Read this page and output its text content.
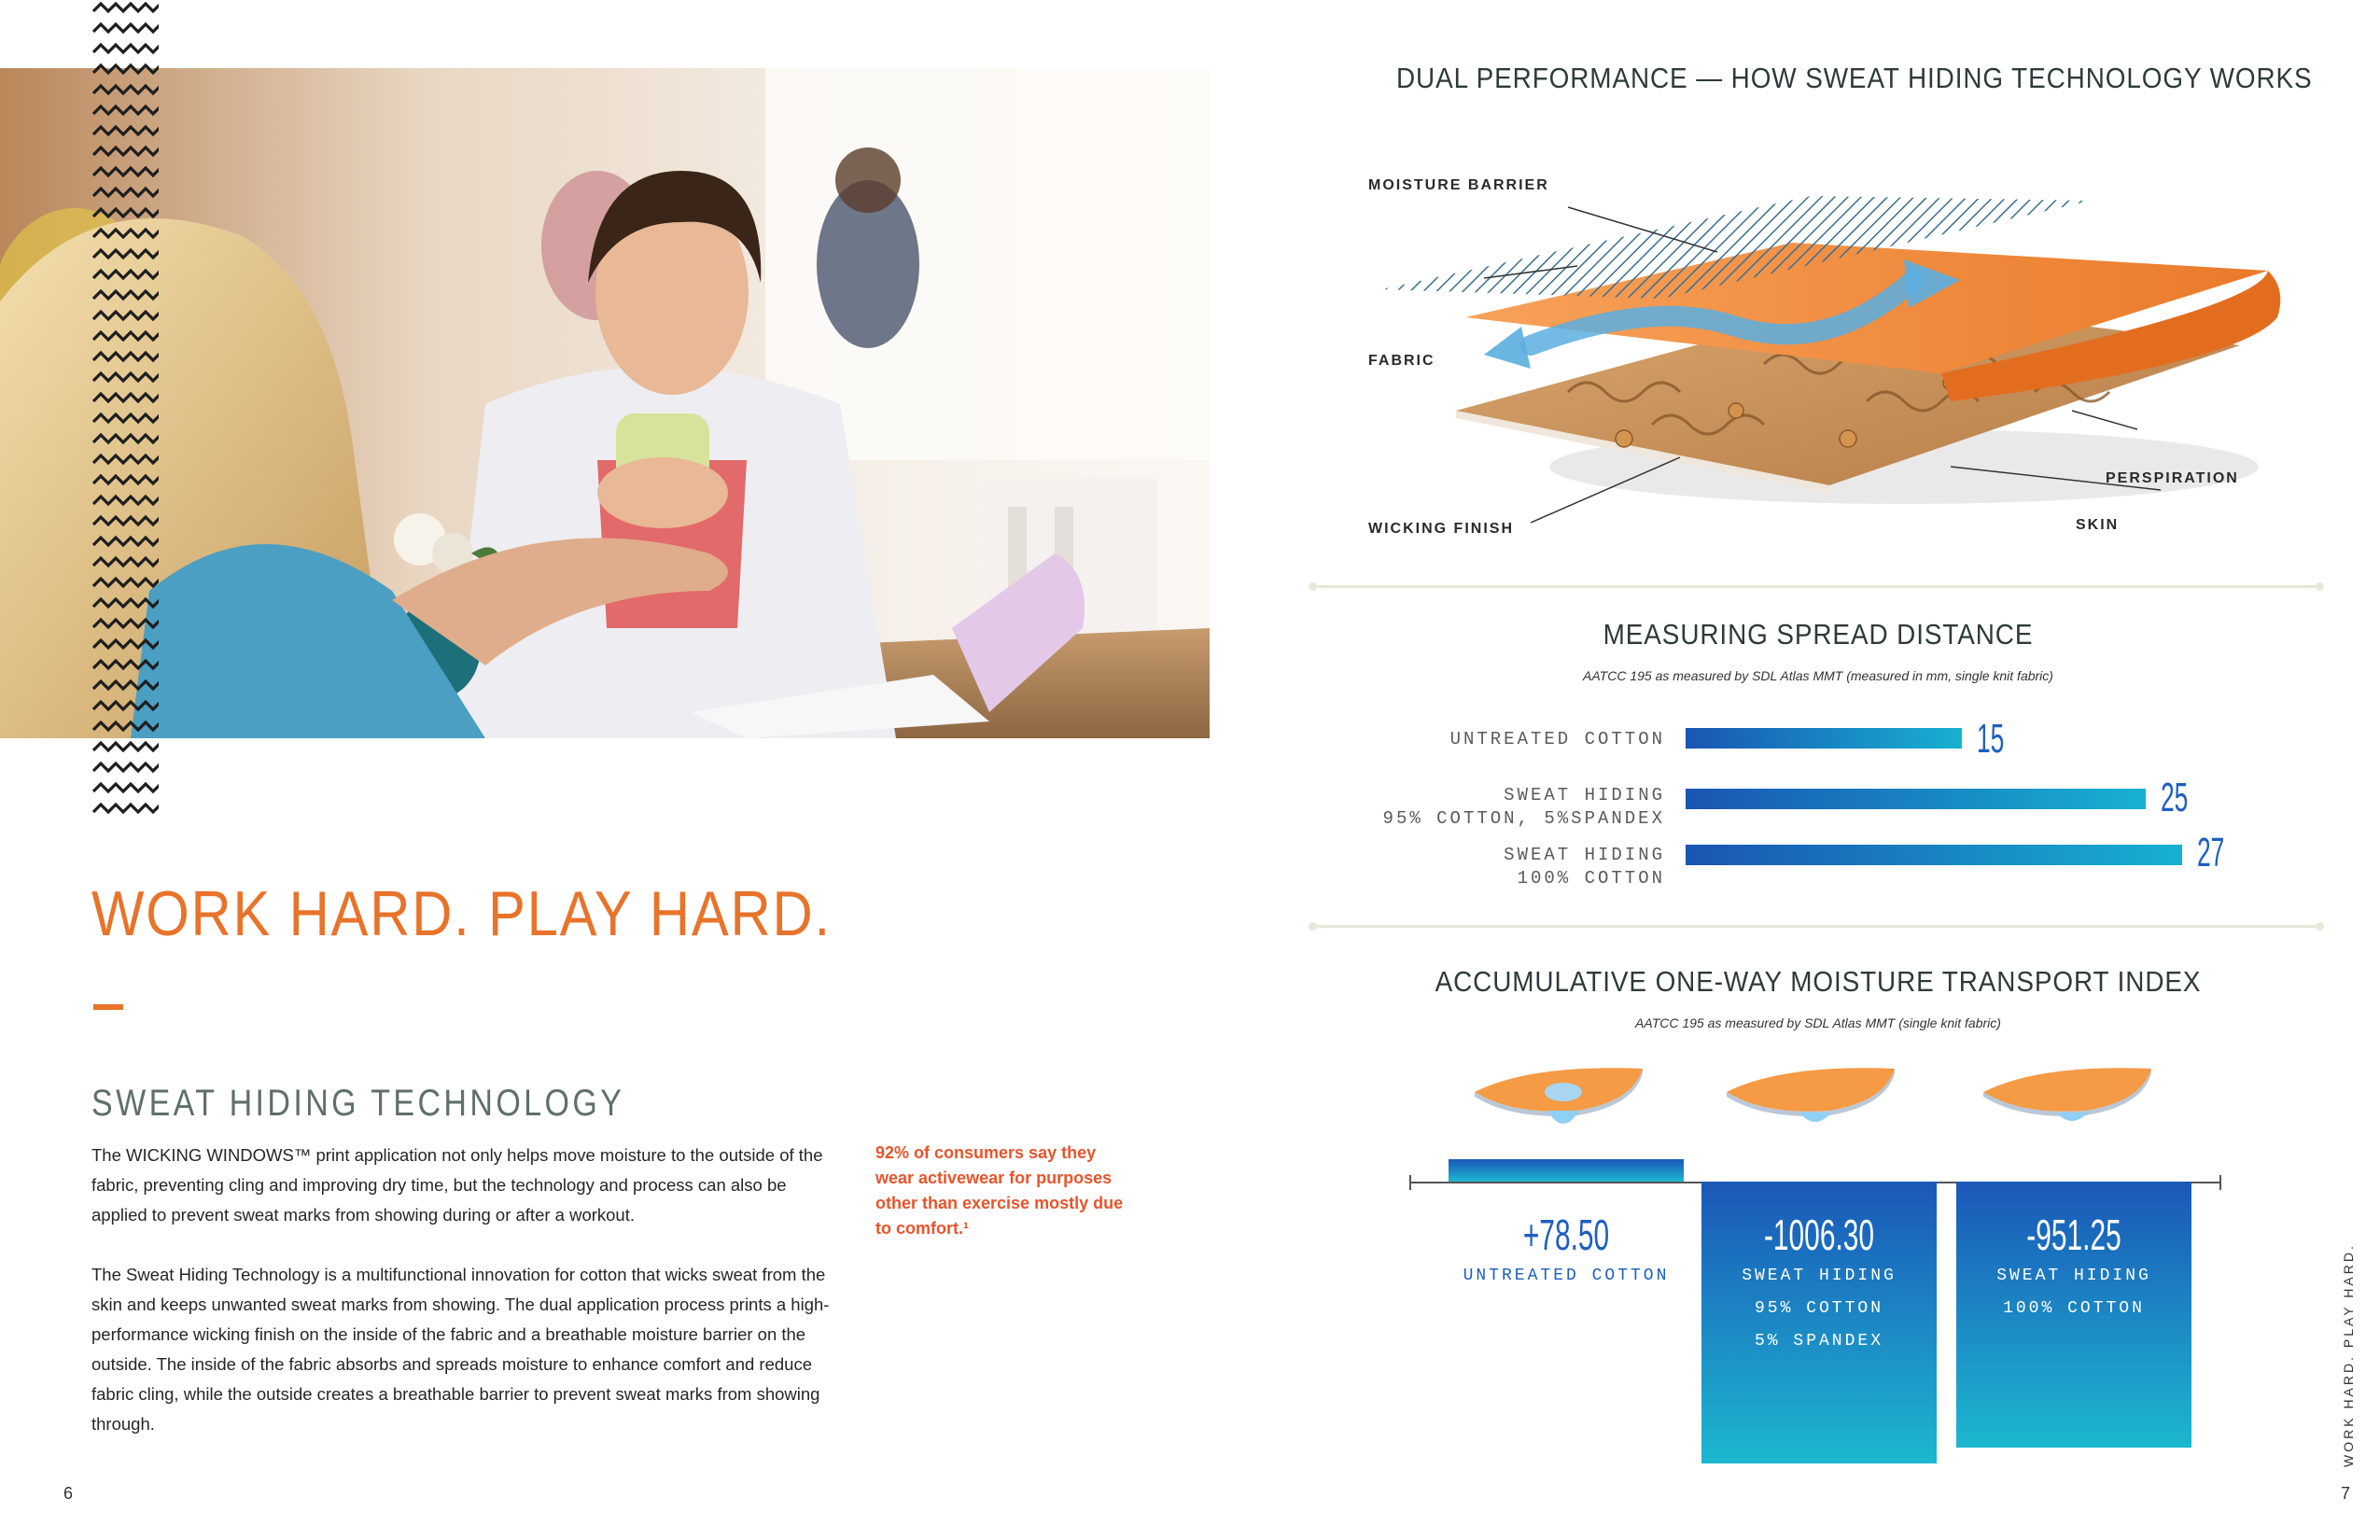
WORK HARD. PLAY HARD.
SWEAT HIDING TECHNOLOGY

The WICKING WINDOWS™ print application not only helps move moisture to the outside of the fabric, preventing cling and improving dry time, but the technology and process can also be applied to prevent sweat marks from showing during or after a workout.

The Sweat Hiding Technology is a multifunctional innovation for cotton that wicks sweat from the skin and keeps unwanted sweat marks from showing. The dual application process prints a high-performance wicking finish on the inside of the fabric and a breathable moisture barrier on the outside. The inside of the fabric absorbs and spreads moisture to enhance comfort and reduce fabric cling, while the outside creates a breathable barrier to prevent sweat marks from showing through.

92% of consumers say they wear activewear for purposes other than exercise mostly due to comfort.¹
6
DUAL PERFORMANCE — HOW SWEAT HIDING TECHNOLOGY WORKS
MOISTURE BARRIER
FABRIC
WICKING FINISH
PERSPIRATION
SKIN
MEASURING SPREAD DISTANCE
AATCC 195 as measured by SDL Atlas MMT (measured in mm, single knit fabric)
UNTREATED COTTON
SWEAT HIDING
95% COTTON, 5%SPANDEX
SWEAT HIDING
100% COTTON
15
25
27
ACCUMULATIVE ONE-WAY MOISTURE TRANSPORT INDEX
AATCC 195 as measured by SDL Atlas MMT (single knit fabric)
+78.50
UNTREATED COTTON
-1006.30
SWEAT HIDING
95% COTTON
5% SPANDEX
-951.25
SWEAT HIDING
100% COTTON	WORK HARD. PLAY HARD.
7
